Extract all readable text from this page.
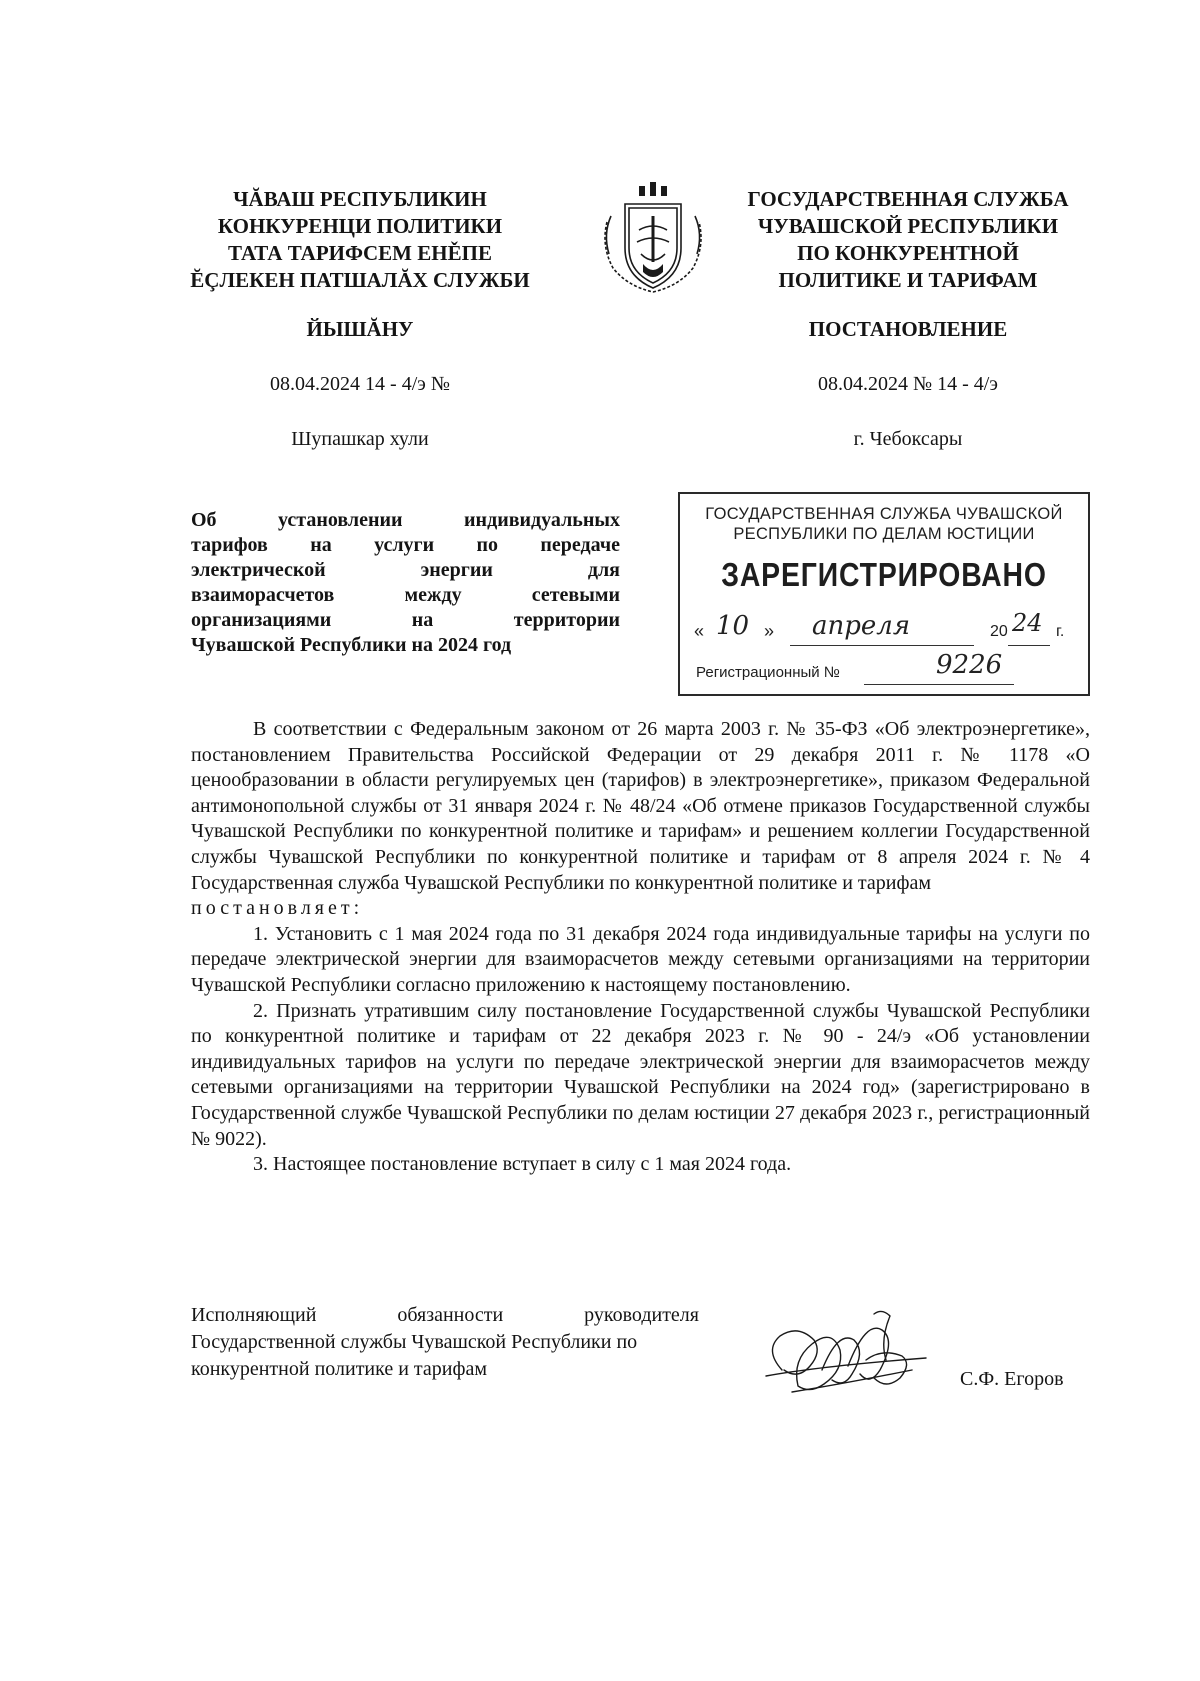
ЧĂВАШ РЕСПУБЛИКИН
КОНКУРЕНЦИ ПОЛИТИКИ
ТАТА ТАРИФСЕМ ЕНĚПЕ
ĔÇЛЕКЕН ПАТШАЛĂХ СЛУЖБИ
ГОСУДАРСТВЕННАЯ СЛУЖБА
ЧУВАШСКОЙ РЕСПУБЛИКИ
ПО КОНКУРЕНТНОЙ
ПОЛИТИКЕ И ТАРИФАМ
ЙЫШĂНУ	ПОСТАНОВЛЕНИЕ
08.04.2024 14 - 4/э №	08.04.2024 № 14 - 4/э
Шупашкар хули	г. Чебоксары
Об установлении индивидуальных
тарифов на услуги по передаче
электрической энергии для
взаиморасчетов между сетевыми
организациями на территории
Чувашской Республики на 2024 год
ГОСУДАРСТВЕННАЯ СЛУЖБА ЧУВАШСКОЙ
РЕСПУБЛИКИ ПО ДЕЛАМ ЮСТИЦИИ
ЗАРЕГИСТРИРОВАНО
« 10 » апреля	20 24 г.
Регистрационный №	9226

В соответствии с Федеральным законом от 26 марта 2003 г. № 35-ФЗ «Об электроэнергетике», постановлением Правительства Российской Федерации от 29 декабря 2011 г. № 1178 «О ценообразовании в области регулируемых цен (тарифов) в электроэнергетике», приказом Федеральной антимонопольной службы от 31 января 2024 г. № 48/24 «Об отмене приказов Государственной службы Чувашской Республики по конкурентной политике и тарифам» и решением коллегии Государственной службы Чувашской Республики по конкурентной политике и тарифам от 8 апреля 2024 г. № 4 Государственная служба Чувашской Республики по конкурентной политике и тарифам

постановляет:

1. Установить с 1 мая 2024 года по 31 декабря 2024 года индивидуальные тарифы на услуги по передаче электрической энергии для взаиморасчетов между сетевыми организациями на территории Чувашской Республики согласно приложению к настоящему постановлению.

2. Признать утратившим силу постановление Государственной службы Чувашской Республики по конкурентной политике и тарифам от 22 декабря 2023 г. № 90 - 24/э «Об установлении индивидуальных тарифов на услуги по передаче электрической энергии для взаиморасчетов между сетевыми организациями на территории Чувашской Республики на 2024 год» (зарегистрировано в Государственной службе Чувашской Республики по делам юстиции 27 декабря 2023 г., регистрационный № 9022).

3. Настоящее постановление вступает в силу с 1 мая 2024 года.

Исполняющий обязанности руководителя
Государственной службы Чувашской Республики по
конкурентной политике и тарифам	С.Ф. Егоров
